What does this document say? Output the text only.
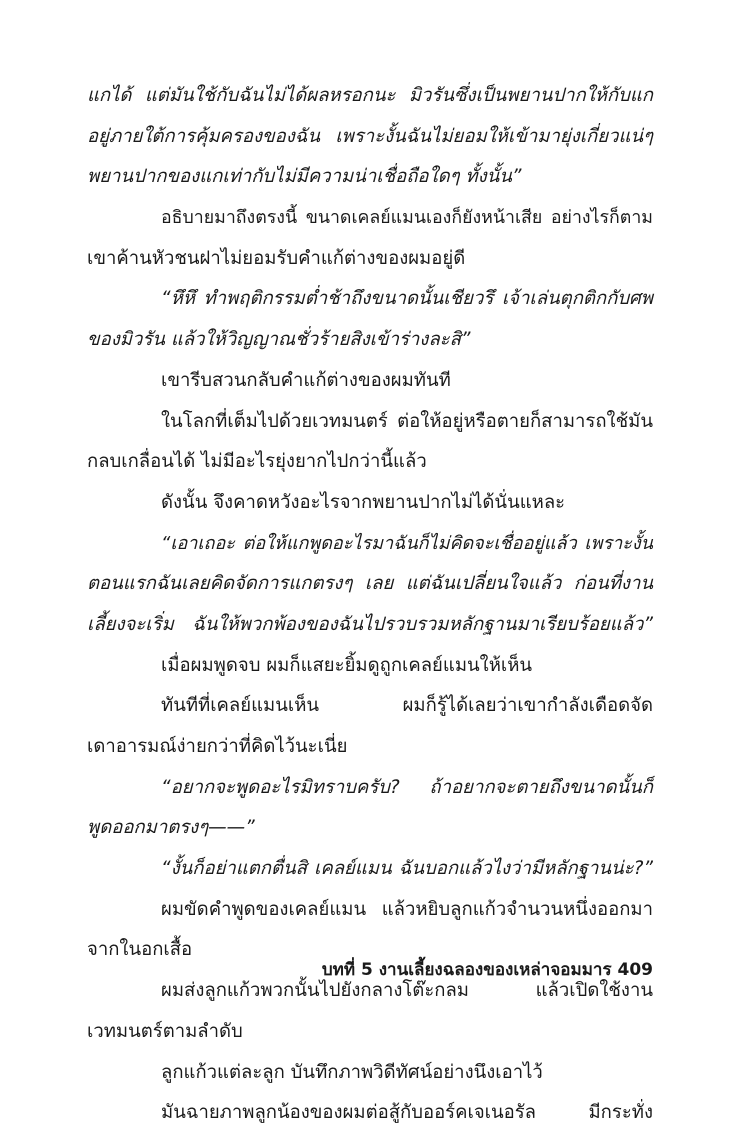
แกได้ แต่มันใช้กับฉันไม่ได้ผลหรอกนะ มิวรันซึ่งเป็นพยานปากให้กับแก
อยู่ภายใต้การคุ้มครองของฉัน เพราะงั้นฉันไม่ยอมให้เข้ามายุ่งเกี่ยวแน่ๆ
พยานปากของแกเท่ากับไม่มีความน่าเชื่อถือใดๆ ทั้งนั้น”
อธิบายมาถึงตรงนี้ ขนาดเคลย์แมนเองก็ยังหน้าเสีย อย่างไรก็ตาม
เขาค้านหัวชนฝาไม่ยอมรับคำแก้ต่างของผมอยู่ดี
“หึหึ ทำพฤติกรรมต่ำช้าถึงขนาดนั้นเชียวรึ เจ้าเล่นตุกติกกับศพ
ของมิวรัน แล้วให้วิญญาณชั่วร้ายสิงเข้าร่างละสิ”
เขารีบสวนกลับคำแก้ต่างของผมทันที
ในโลกที่เต็มไปด้วยเวทมนตร์ ต่อให้อยู่หรือตายก็สามารถใช้มัน
กลบเกลื่อนได้ ไม่มีอะไรยุ่งยากไปกว่านี้แล้ว
ดังนั้น จึงคาดหวังอะไรจากพยานปากไม่ได้นั่นแหละ
“เอาเถอะ ต่อให้แกพูดอะไรมาฉันก็ไม่คิดจะเชื่ออยู่แล้ว เพราะงั้น
ตอนแรกฉันเลยคิดจัดการแกตรงๆ เลย แต่ฉันเปลี่ยนใจแล้ว ก่อนที่งาน
เลี้ยงจะเริ่ม ฉันให้พวกพ้องของฉันไปรวบรวมหลักฐานมาเรียบร้อยแล้ว”
เมื่อผมพูดจบ ผมก็แสยะยิ้มดูถูกเคลย์แมนให้เห็น
ทันทีที่เคลย์แมนเห็น ผมก็รู้ได้เลยว่าเขากำลังเดือดจัด
เดาอารมณ์ง่ายกว่าที่คิดไว้นะเนี่ย
“อยากจะพูดอะไรมิทราบครับ? ถ้าอยากจะตายถึงขนาดนั้นก็
พูดออกมาตรงๆ——”
“งั้นก็อย่าแตกตื่นสิ เคลย์แมน ฉันบอกแล้วไงว่ามีหลักฐานน่ะ?”
ผมขัดคำพูดของเคลย์แมน แล้วหยิบลูกแก้วจำนวนหนึ่งออกมา
จากในอกเสื้อ
ผมส่งลูกแก้วพวกนั้นไปยังกลางโต๊ะกลม แล้วเปิดใช้งาน
เวทมนตร์ตามลำดับ
ลูกแก้วแต่ละลูก บันทึกภาพวิดีทัศน์อย่างนึงเอาไว้
มันฉายภาพลูกน้องของผมต่อสู้กับออร์คเจเนอรัล มีกระทั่ง
บทที่ 5 งานเลี้ยงฉลองของเหล่าจอมมาร 409
